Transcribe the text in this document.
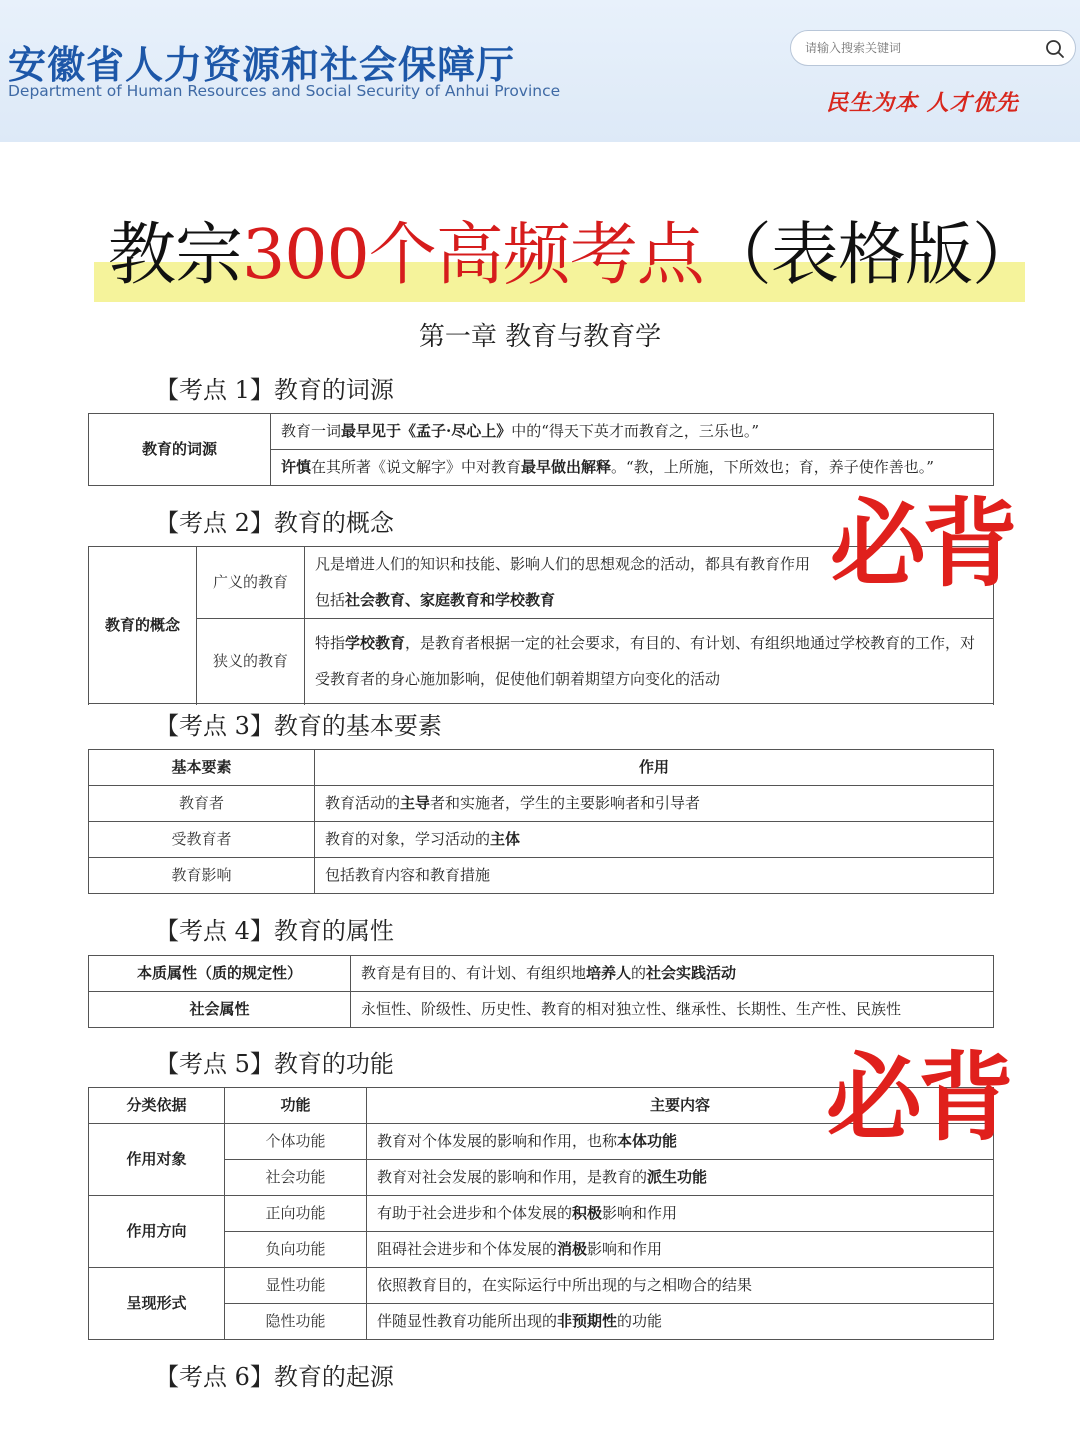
安徽省人力资源和社会保障厅
Department of Human Resources and Social Security of Anhui Province
请输入搜索关键词	民生为本 人才优先
教宗300个高频考点（表格版）
第一章 教育与教育学
【考点 1】教育的词源
教育的词源	教育一词最早见于《孟子·尽心上》中的“得天下英才而教育之，三乐也。”
许慎在其所著《说文解字》中对教育最早做出解释。“教，上所施，下所效也；育，养子使作善也。”
【考点 2】教育的概念
教育的概念	广义的教育	凡是增进人们的知识和技能、影响人们的思想观念的活动，都具有教育作用
		包括社会教育、家庭教育和学校教育
	狭义的教育	特指学校教育，是教育者根据一定的社会要求，有目的、有计划、有组织地通过学校教育的工作，对受教育者的身心施加影响，促使他们朝着期望方向变化的活动

【考点 3】教育的基本要素
基本要素	作用
教育者	教育活动的主导者和实施者，学生的主要影响者和引导者
受教育者	教育的对象，学习活动的主体
教育影响	包括教育内容和教育措施
【考点 4】教育的属性
本质属性（质的规定性）	教育是有目的、有计划、有组织地培养人的社会实践活动
社会属性	永恒性、阶级性、历史性、教育的相对独立性、继承性、长期性、生产性、民族性
【考点 5】教育的功能
分类依据	功能	主要内容
作用对象	个体功能	教育对个体发展的影响和作用，也称本体功能
	社会功能	教育对社会发展的影响和作用，是教育的派生功能
作用方向	正向功能	有助于社会进步和个体发展的积极影响和作用
	负向功能	阻碍社会进步和个体发展的消极影响和作用
呈现形式	显性功能	依照教育目的，在实际运行中所出现的与之相吻合的结果
	隐性功能	伴随显性教育功能所出现的非预期性的功能
【考点 6】教育的起源
必背
必背
